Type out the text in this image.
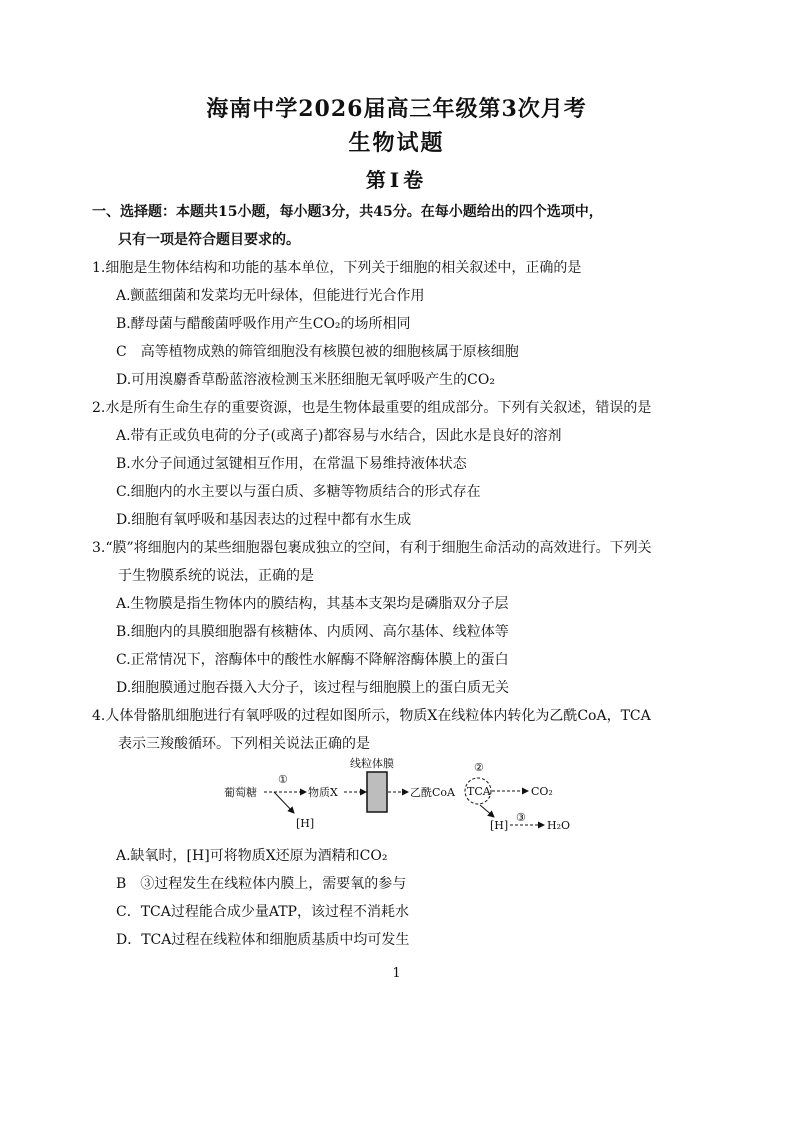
海南中学2026届高三年级第3次月考
生物试题
第Ⅰ卷
一、选择题：本题共15小题，每小题3分，共45分。在每小题给出的四个选项中，
只有一项是符合题目要求的。
1.细胞是生物体结构和功能的基本单位，下列关于细胞的相关叙述中，正确的是
A.颤蓝细菌和发菜均无叶绿体，但能进行光合作用
B.酵母菌与醋酸菌呼吸作用产生CO₂的场所相同
C　高等植物成熟的筛管细胞没有核膜包被的细胞核属于原核细胞
D.可用溴麝香草酚蓝溶液检测玉米胚细胞无氧呼吸产生的CO₂
2.水是所有生命生存的重要资源，也是生物体最重要的组成部分。下列有关叙述，错误的是
A.带有正或负电荷的分子(或离子)都容易与水结合，因此水是良好的溶剂
B.水分子间通过氢键相互作用，在常温下易维持液体状态
C.细胞内的水主要以与蛋白质、多糖等物质结合的形式存在
D.细胞有氧呼吸和基因表达的过程中都有水生成
3.“膜”将细胞内的某些细胞器包裹成独立的空间，有利于细胞生命活动的高效进行。下列关
于生物膜系统的说法，正确的是
A.生物膜是指生物体内的膜结构，其基本支架均是磷脂双分子层
B.细胞内的具膜细胞器有核糖体、内质网、高尔基体、线粒体等
C.正常情况下，溶酶体中的酸性水解酶不降解溶酶体膜上的蛋白
D.细胞膜通过胞吞摄入大分子，该过程与细胞膜上的蛋白质无关
4.人体骨骼肌细胞进行有氧呼吸的过程如图所示，物质X在线粒体内转化为乙酰CoA，TCA
表示三羧酸循环。下列相关说法正确的是
葡萄糖
①
[H]
物质X
线粒体膜
乙酰CoA
②
TCA	CO₂
[H]
③
H₂O
A.缺氧时，[H]可将物质X还原为酒精和CO₂
B　③过程发生在线粒体内膜上，需要氧的参与
C．TCA过程能合成少量ATP，该过程不消耗水
D．TCA过程在线粒体和细胞质基质中均可发生
1
